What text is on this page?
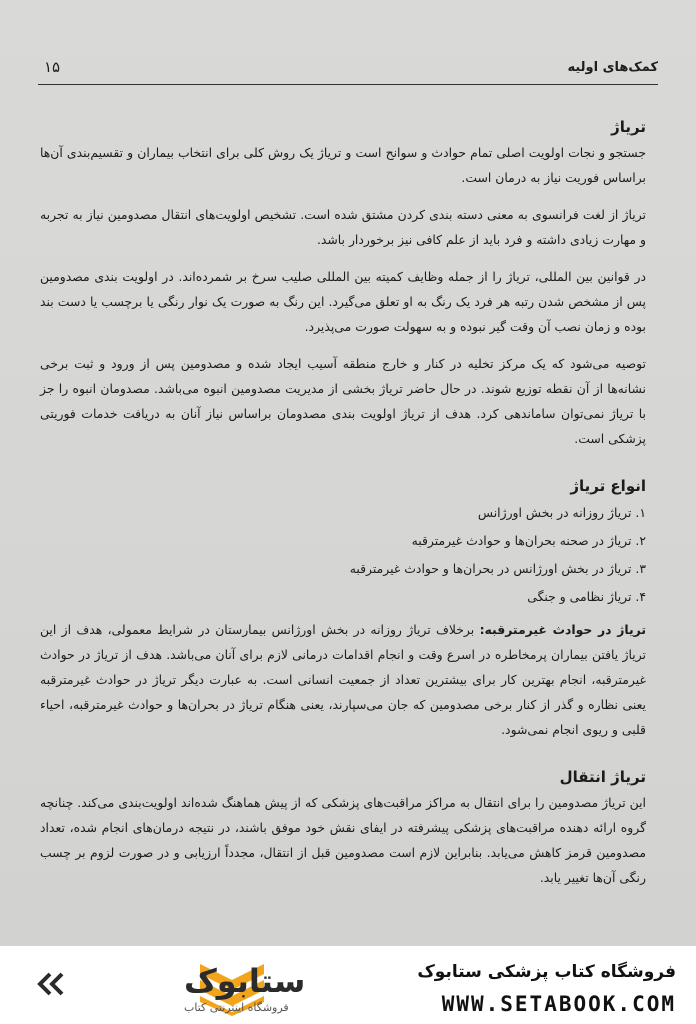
کمک‌های اولیه
۱۵
تریاژ

جستجو و نجات اولویت اصلی تمام حوادث و سوانح است و تریاژ یک روش کلی برای انتخاب بیماران و تقسیم‌بندی آن‌ها براساس فوریت نیاز به درمان است.

تریاژ از لغت فرانسوی به معنی دسته بندی کردن مشتق شده است. تشخیص اولویت‌های انتقال مصدومین نیاز به تجربه و مهارت زیادی داشته و فرد باید از علم کافی نیز برخوردار باشد.

در قوانین بین المللی، تریاژ را از جمله وظایف کمیته بین المللی صلیب سرخ بر شمرده‌اند. در اولویت بندی مصدومین پس از مشخص شدن رتبه هر فرد یک رنگ به او تعلق می‌گیرد. این رنگ به صورت یک نوار رنگی یا برچسب یا دست بند بوده و زمان نصب آن وقت گیر نبوده و به سهولت صورت می‌پذیرد.

توصیه می‌شود که یک مرکز تخلیه در کنار و خارج منطقه آسیب ایجاد شده و مصدومین پس از ورود و ثبت برخی نشانه‌ها از آن نقطه توزیع شوند. در حال حاضر تریاژ بخشی از مدیریت مصدومین انبوه می‌باشد. مصدومان انبوه را جز با تریاژ نمی‌توان ساماندهی کرد. هدف از تریاژ اولویت بندی مصدومان براساس نیاز آنان به دریافت خدمات فوریتی پزشکی است.

انواع تریاژ
۱. تریاژ روزانه در بخش اورژانس
۲. تریاژ در صحنه بحران‌ها و حوادث غیرمترقبه
۳. تریاژ در بخش اورژانس در بحران‌ها و حوادث غیرمترقبه
۴. تریاژ نظامی و جنگی

تریاژ در حوادث غیرمترقبه: برخلاف تریاژ روزانه در بخش اورژانس بیمارستان در شرایط معمولی، هدف از این تریاژ یافتن بیماران پرمخاطره در اسرع وقت و انجام اقدامات درمانی لازم برای آنان می‌باشد. هدف از تریاژ در حوادث غیرمترقبه، انجام بهترین کار برای بیشترین تعداد از جمعیت انسانی است. به عبارت دیگر تریاژ در حوادث غیرمترقبه یعنی نظاره و گذر از کنار برخی مصدومین که جان می‌سپارند، یعنی هنگام تریاژ در بحران‌ها و حوادث غیرمترقبه، احیاء قلبی و ریوی انجام نمی‌شود.

تریاژ انتقال

این تریاژ مصدومین را برای انتقال به مراکز مراقبت‌های پزشکی که از پیش هماهنگ شده‌اند اولویت‌بندی می‌کند. چنانچه گروه ارائه دهنده مراقبت‌های پزشکی پیشرفته در ایفای نقش خود موفق باشند، در نتیجه درمان‌های انجام شده، تعداد مصدومین قرمز کاهش می‌یابد. بنابراین لازم است مصدومین قبل از انتقال، مجدداً ارزیابی و در صورت لزوم بر چسب رنگی آن‌ها تغییر یابد.

فروشگاه کتاب پزشکی ستابوک
WWW.SETABOOK.COM
ستابوک
فروشگاه اینترنتی کتاب
